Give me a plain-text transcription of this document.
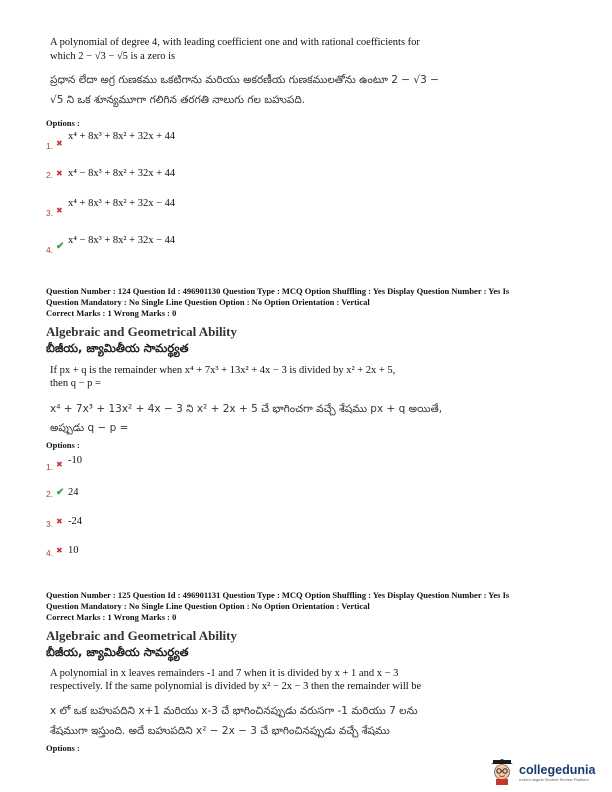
A polynomial of degree 4, with leading coefficient one and with rational coefficients for
which 2 − √3 − √5 is a zero is
ప్రధాన లేదా అగ్ర గుణకము ఒకటిగాను మరియు అకరణీయ గుణకములతోను ఉంటూ 2 − √3 −
√5 ని ఒక శూన్యమూగా గలిగిన తరగతి నాలుగు గల బహుపది.
Options :
1. ✖
x⁴ + 8x³ + 8x² + 32x + 44
2. ✖ x⁴ − 8x³ + 8x² + 32x + 44
3. ✖
x⁴ + 8x³ + 8x² + 32x − 44
4. ✔
x⁴ − 8x³ + 8x² + 32x − 44
Question Number : 124 Question Id : 496901130 Question Type : MCQ Option Shuffling : Yes Display Question Number : Yes Is
Question Mandatory : No Single Line Question Option : No Option Orientation : Vertical
Correct Marks : 1 Wrong Marks : 0
Algebraic and Geometrical Ability
బీజీయ, జ్యామితీయ సామర్థ్యత
If px + q is the remainder when x⁴ + 7x³ + 13x² + 4x − 3 is divided by x² + 2x + 5,
then q − p =
x⁴ + 7x³ + 13x² + 4x − 3 ని x² + 2x + 5 చే భాగించగా వచ్చే శేషము px + q అయితే,
అప్పుడు q − p =
Options :
1. ✖ -10
2. ✔ 24
3. ✖ -24
4. ✖ 10
Question Number : 125 Question Id : 496901131 Question Type : MCQ Option Shuffling : Yes Display Question Number : Yes Is
Question Mandatory : No Single Line Question Option : No Option Orientation : Vertical
Correct Marks : 1 Wrong Marks : 0
Algebraic and Geometrical Ability
బీజీయ, జ్యామితీయ సామర్థ్యత
A polynomial in x leaves remainders -1 and 7 when it is divided by x + 1 and x − 3
respectively. If the same polynomial is divided by x² − 2x − 3 then the remainder will be
x లో ఒక బహుపదిని x+1 మరియు x-3 చే భాగించినప్పుడు వరుసగా -1 మరియు 7 లను
శేషముగా ఇస్తుంది. అదే బహుపదిని x² − 2x − 3 చే భాగించినప్పుడు వచ్చే శేషము
Options :
collegedunia
India's largest Student Review Platform
